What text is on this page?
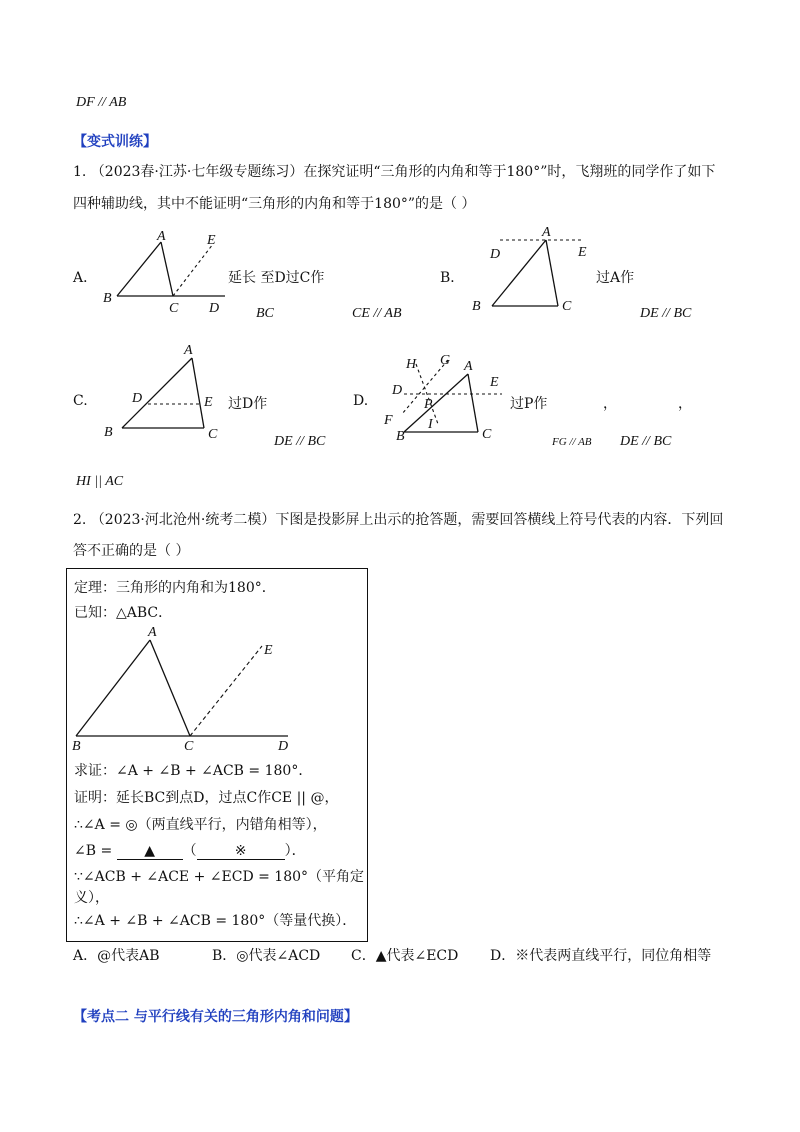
DF // AB
【变式训练】
1. （2023春·江苏·七年级专题练习）在探究证明“三角形的内角和等于180°”时，飞翔班的同学作了如下
四种辅助线，其中不能证明“三角形的内角和等于180°”的是（ ）
A．
A
B
C D
E
延长 至D过C作
BC	CE // AB
B．
A
B	C
D	E
过A作
DE // BC
C.
A
B	C
D	E 过D作
DE // BC
D.
A
B	C
D
E
F
G
H
I
P	过P作	，	，
FG // AB DE // BC
HI || AC
2. （2023·河北沧州·统考二模）下图是投影屏上出示的抢答题，需要回答横线上符号代表的内容．下列回
答不正确的是（ ）
定理：三角形的内角和为180°．
已知：△ABC．
A
B	C	D
E
求证：∠A + ∠B + ∠ACB = 180°．
证明：延长BC到点D，过点C作CE || @，
∴∠A = ◎（两直线平行，内错角相等），
∠B = ▲ （	※	）．
∵∠ACB + ∠ACE + ∠ECD = 180°（平角定
义），
∴∠A + ∠B + ∠ACB = 180°（等量代换）．
A．@代表AB	B．◎代表∠ACD C．▲代表∠ECD D．※代表两直线平行，同位角相等
【考点二 与平行线有关的三角形内角和问题】
